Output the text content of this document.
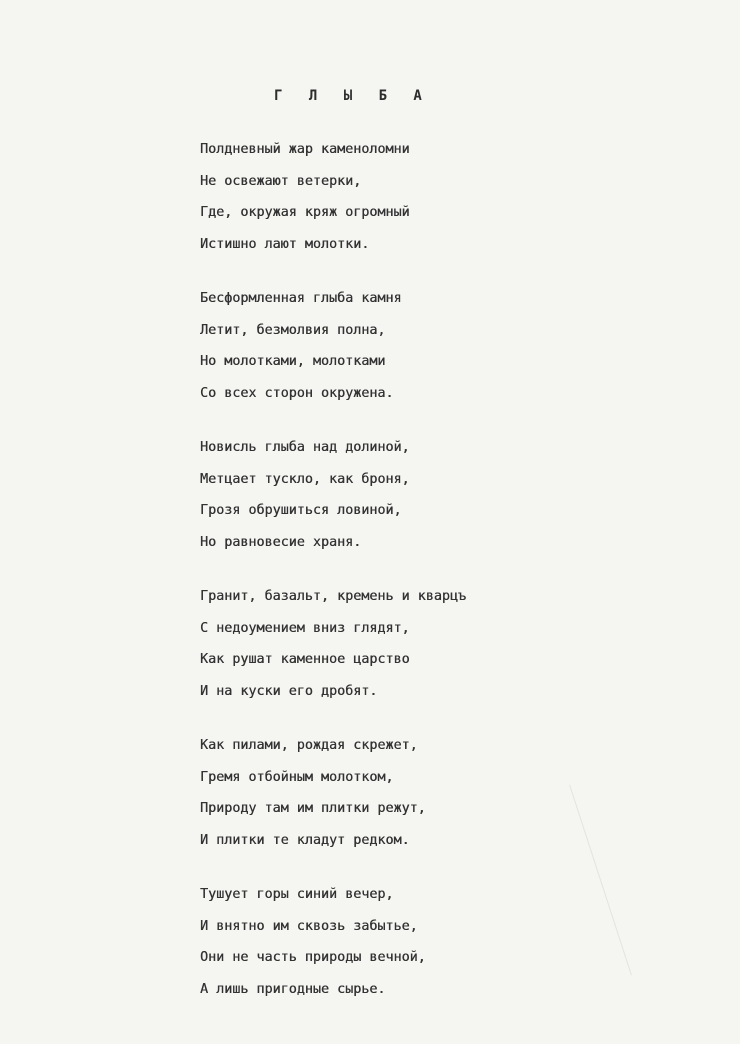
Г Л Ы Б А
Полдневный жар каменоломни
Не освежают ветерки,
Где, окружая кряж огромный
Истишно лают молотки.
Бесформленная глыба камня
Летит, безмолвия полна,
Но молотками, молотками
Со всех сторон окружена.
Новисль глыба над долиной,
Метцает тускло, как броня,
Грозя обрушиться ловиной,
Но равновесие храня.
Гранит, базальт, кремень и кварцъ
С недоумением вниз глядят,
Как рушат каменное царство
И на куски его дробят.
Как пилами, рождая скрежет,
Гремя отбойным молотком,
Природу там им плитки режут,
И плитки те кладут редком.
Тушует горы синий вечер,
И внятно им сквозь забытье,
Они не часть природы вечной,
А лишь пригодные сырье.
